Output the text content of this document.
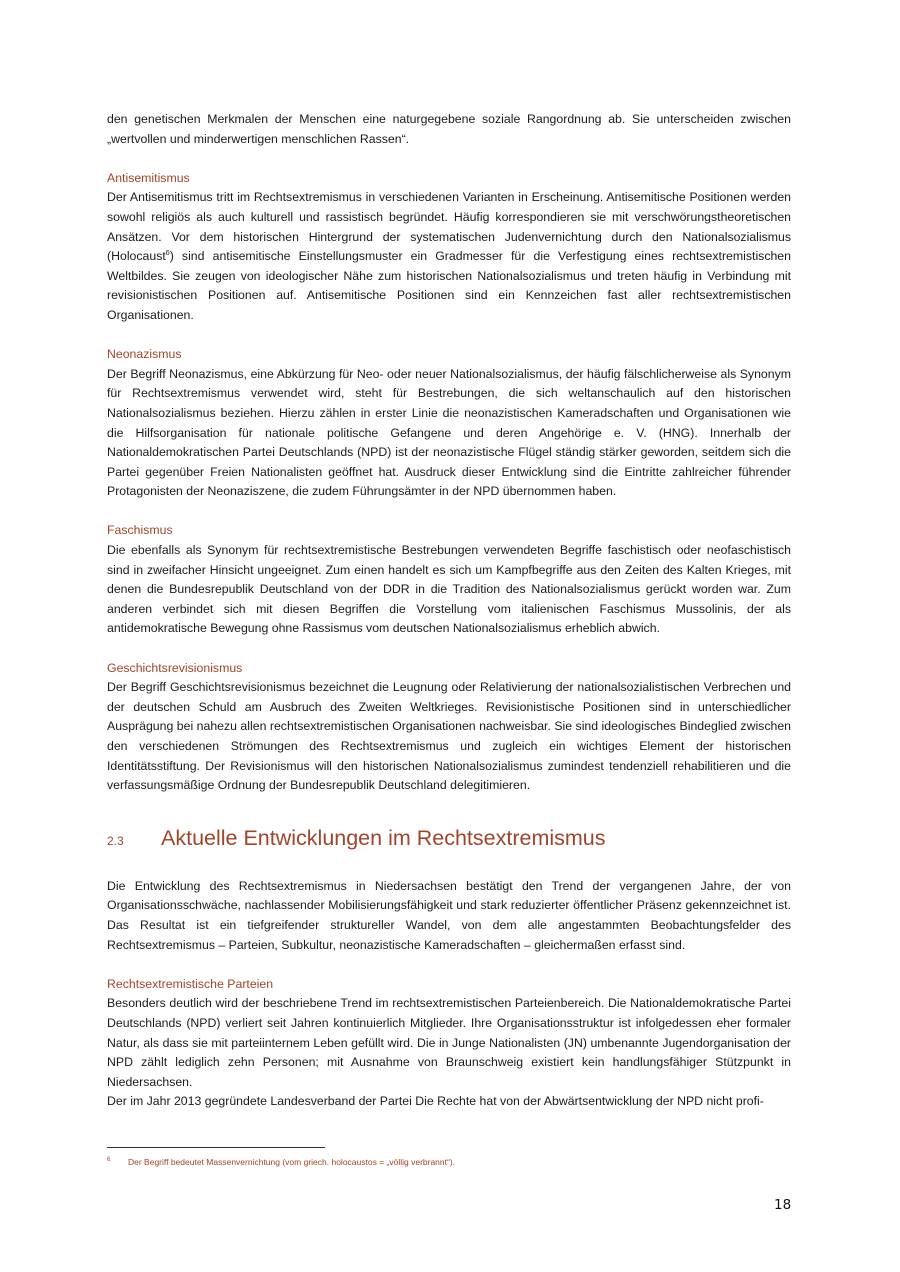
den genetischen Merkmalen der Menschen eine naturgegebene soziale Rangordnung ab. Sie unterscheiden zwischen „wertvollen und minderwertigen menschlichen Rassen“.

Antisemitismus

Der Antisemitismus tritt im Rechtsextremismus in verschiedenen Varianten in Erscheinung. Antisemitische Positionen werden sowohl religiös als auch kulturell und rassistisch begründet. Häufig korrespondieren sie mit verschwörungstheoretischen Ansätzen. Vor dem historischen Hintergrund der systematischen Judenvernichtung durch den Nationalsozialismus (Holocaust$^6$) sind antisemitische Einstellungsmuster ein Gradmesser für die Verfestigung eines rechtsextremistischen Weltbildes. Sie zeugen von ideologischer Nähe zum historischen Nationalsozialismus und treten häufig in Verbindung mit revisionistischen Positionen auf. Antisemitische Positionen sind ein Kennzeichen fast aller rechtsextremistischen Organisationen.

Neonazismus

Der Begriff Neonazismus, eine Abkürzung für Neo- oder neuer Nationalsozialismus, der häufig fälschlicherweise als Synonym für Rechtsextremismus verwendet wird, steht für Bestrebungen, die sich weltanschaulich auf den historischen Nationalsozialismus beziehen. Hierzu zählen in erster Linie die neonazistischen Kameradschaften und Organisationen wie die Hilfsorganisation für nationale politische Gefangene und deren Angehörige e. V. (HNG). Innerhalb der Nationaldemokratischen Partei Deutschlands (NPD) ist der neonazistische Flügel ständig stärker geworden, seitdem sich die Partei gegenüber Freien Nationalisten geöffnet hat. Ausdruck dieser Entwicklung sind die Eintritte zahlreicher führender Protagonisten der Neonaziszene, die zudem Führungsämter in der NPD übernommen haben.

Faschismus

Die ebenfalls als Synonym für rechtsextremistische Bestrebungen verwendeten Begriffe faschistisch oder neofaschistisch sind in zweifacher Hinsicht ungeeignet. Zum einen handelt es sich um Kampfbegriffe aus den Zeiten des Kalten Krieges, mit denen die Bundesrepublik Deutschland von der DDR in die Tradition des Nationalsozialismus gerückt worden war. Zum anderen verbindet sich mit diesen Begriffen die Vorstellung vom italienischen Faschismus Mussolinis, der als antidemokratische Bewegung ohne Rassismus vom deutschen Nationalsozialismus erheblich abwich.

Geschichtsrevisionismus

Der Begriff Geschichtsrevisionismus bezeichnet die Leugnung oder Relativierung der nationalsozialistischen Verbrechen und der deutschen Schuld am Ausbruch des Zweiten Weltkrieges. Revisionistische Positionen sind in unterschiedlicher Ausprägung bei nahezu allen rechtsextremistischen Organisationen nachweisbar. Sie sind ideologisches Bindeglied zwischen den verschiedenen Strömungen des Rechtsextremismus und zugleich ein wichtiges Element der historischen Identitätsstiftung. Der Revisionismus will den historischen Nationalsozialismus zumindest tendenziell rehabilitieren und die verfassungsmäßige Ordnung der Bundesrepublik Deutschland delegitimieren.

2.3	Aktuelle Entwicklungen im Rechtsextremismus

Die Entwicklung des Rechtsextremismus in Niedersachsen bestätigt den Trend der vergangenen Jahre, der von Organisationsschwäche, nachlassender Mobilisierungsfähigkeit und stark reduzierter öffentlicher Präsenz gekennzeichnet ist. Das Resultat ist ein tiefgreifender struktureller Wandel, von dem alle angestammten Beobachtungsfelder des Rechtsextremismus – Parteien, Subkultur, neonazistische Kameradschaften – gleichermaßen erfasst sind.

Rechtsextremistische Parteien

Besonders deutlich wird der beschriebene Trend im rechtsextremistischen Parteienbereich. Die Nationaldemokratische Partei Deutschlands (NPD) verliert seit Jahren kontinuierlich Mitglieder. Ihre Organisationsstruktur ist infolgedessen eher formaler Natur, als dass sie mit parteiinternem Leben gefüllt wird. Die in Junge Nationalisten (JN) umbenannte Jugendorganisation der NPD zählt lediglich zehn Personen; mit Ausnahme von Braunschweig existiert kein handlungsfähiger Stützpunkt in Niedersachsen.

Der im Jahr 2013 gegründete Landesverband der Partei Die Rechte hat von der Abwärtsentwicklung der NPD nicht profi-

6	Der Begriff bedeutet Massenvernichtung (vom griech. holocaustos = „völlig verbrannt“).
18
